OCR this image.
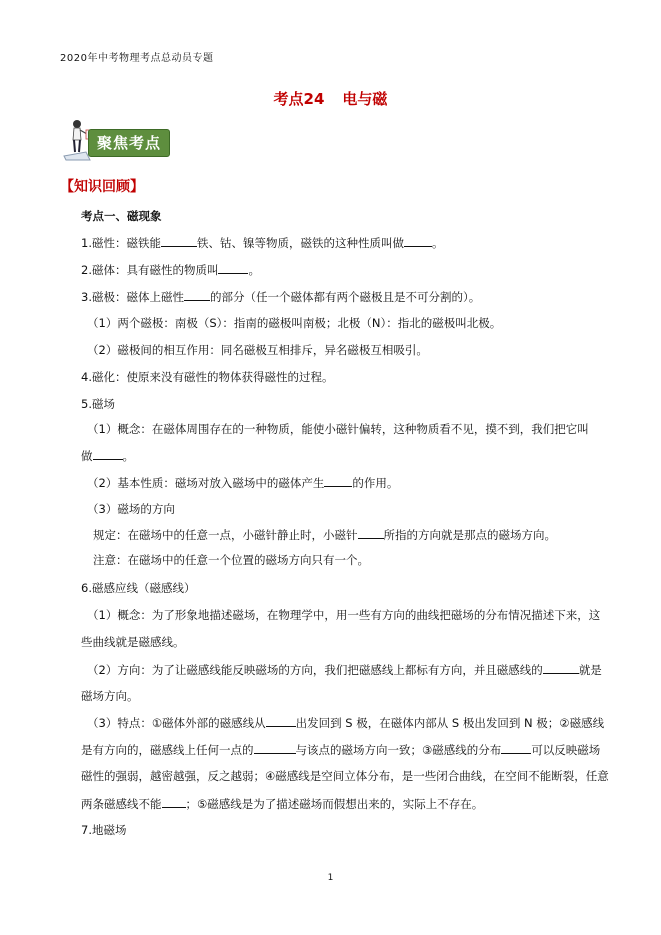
2020年中考物理考点总动员专题
考点24 电与磁
聚焦考点
【知识回顾】
考点一、磁现象
1.磁性：磁铁能	铁、钴、镍等物质，磁铁的这种性质叫做 。
2.磁体：具有磁性的物质叫	。
3.磁极：磁体上磁性 的部分（任一个磁体都有两个磁极且是不可分割的）。
（1）两个磁极：南极（S）：指南的磁极叫南极；北极（N）：指北的磁极叫北极。
（2）磁极间的相互作用：同名磁极互相排斥，异名磁极互相吸引。
4.磁化：使原来没有磁性的物体获得磁性的过程。
5.磁场
（1）概念：在磁体周围存在的一种物质，能使小磁针偏转，这种物质看不见，摸不到，我们把它叫
做	。
（2）基本性质：磁场对放入磁场中的磁体产生 的作用。
（3）磁场的方向
规定：在磁场中的任意一点，小磁针静止时，小磁针 所指的方向就是那点的磁场方向。
注意：在磁场中的任意一个位置的磁场方向只有一个。
6.磁感应线（磁感线）
（1）概念：为了形象地描述磁场，在物理学中，用一些有方向的曲线把磁场的分布情况描述下来，这
些曲线就是磁感线。
（2）方向：为了让磁感线能反映磁场的方向，我们把磁感线上都标有方向，并且磁感线的	就是
磁场方向。
（3）特点：①磁体外部的磁感线从	出发回到 S 极，在磁体内部从 S 极出发回到 N 极；②磁感线
是有方向的，磁感线上任何一点的	与该点的磁场方向一致；③磁感线的分布	可以反映磁场
磁性的强弱，越密越强，反之越弱；④磁感线是空间立体分布，是一些闭合曲线，在空间不能断裂，任意
两条磁感线不能 ；⑤磁感线是为了描述磁场而假想出来的，实际上不存在。
7.地磁场
1
